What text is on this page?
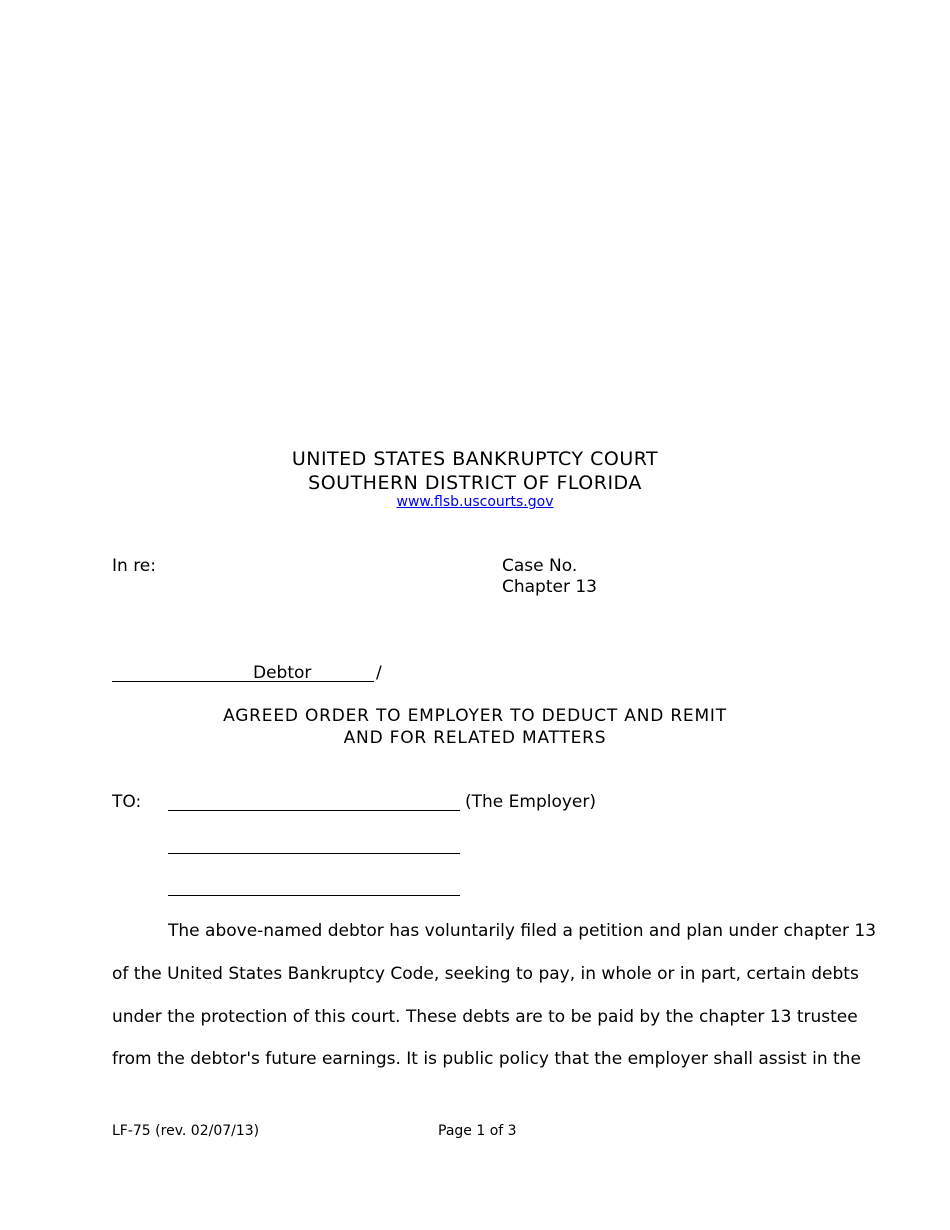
UNITED STATES BANKRUPTCY COURT
SOUTHERN DISTRICT OF FLORIDA
www.flsb.uscourts.gov
In re:	Case No.
Chapter 13
Debtor	/
AGREED ORDER TO EMPLOYER TO DEDUCT AND REMIT
AND FOR RELATED MATTERS
TO:	(The Employer)
The above-named debtor has voluntarily filed a petition and plan under chapter 13
of the United States Bankruptcy Code, seeking to pay, in whole or in part, certain debts
under the protection of this court. These debts are to be paid by the chapter 13 trustee
from the debtor's future earnings. It is public policy that the employer shall assist in the
LF-75 (rev. 02/07/13)	Page 1 of 3
